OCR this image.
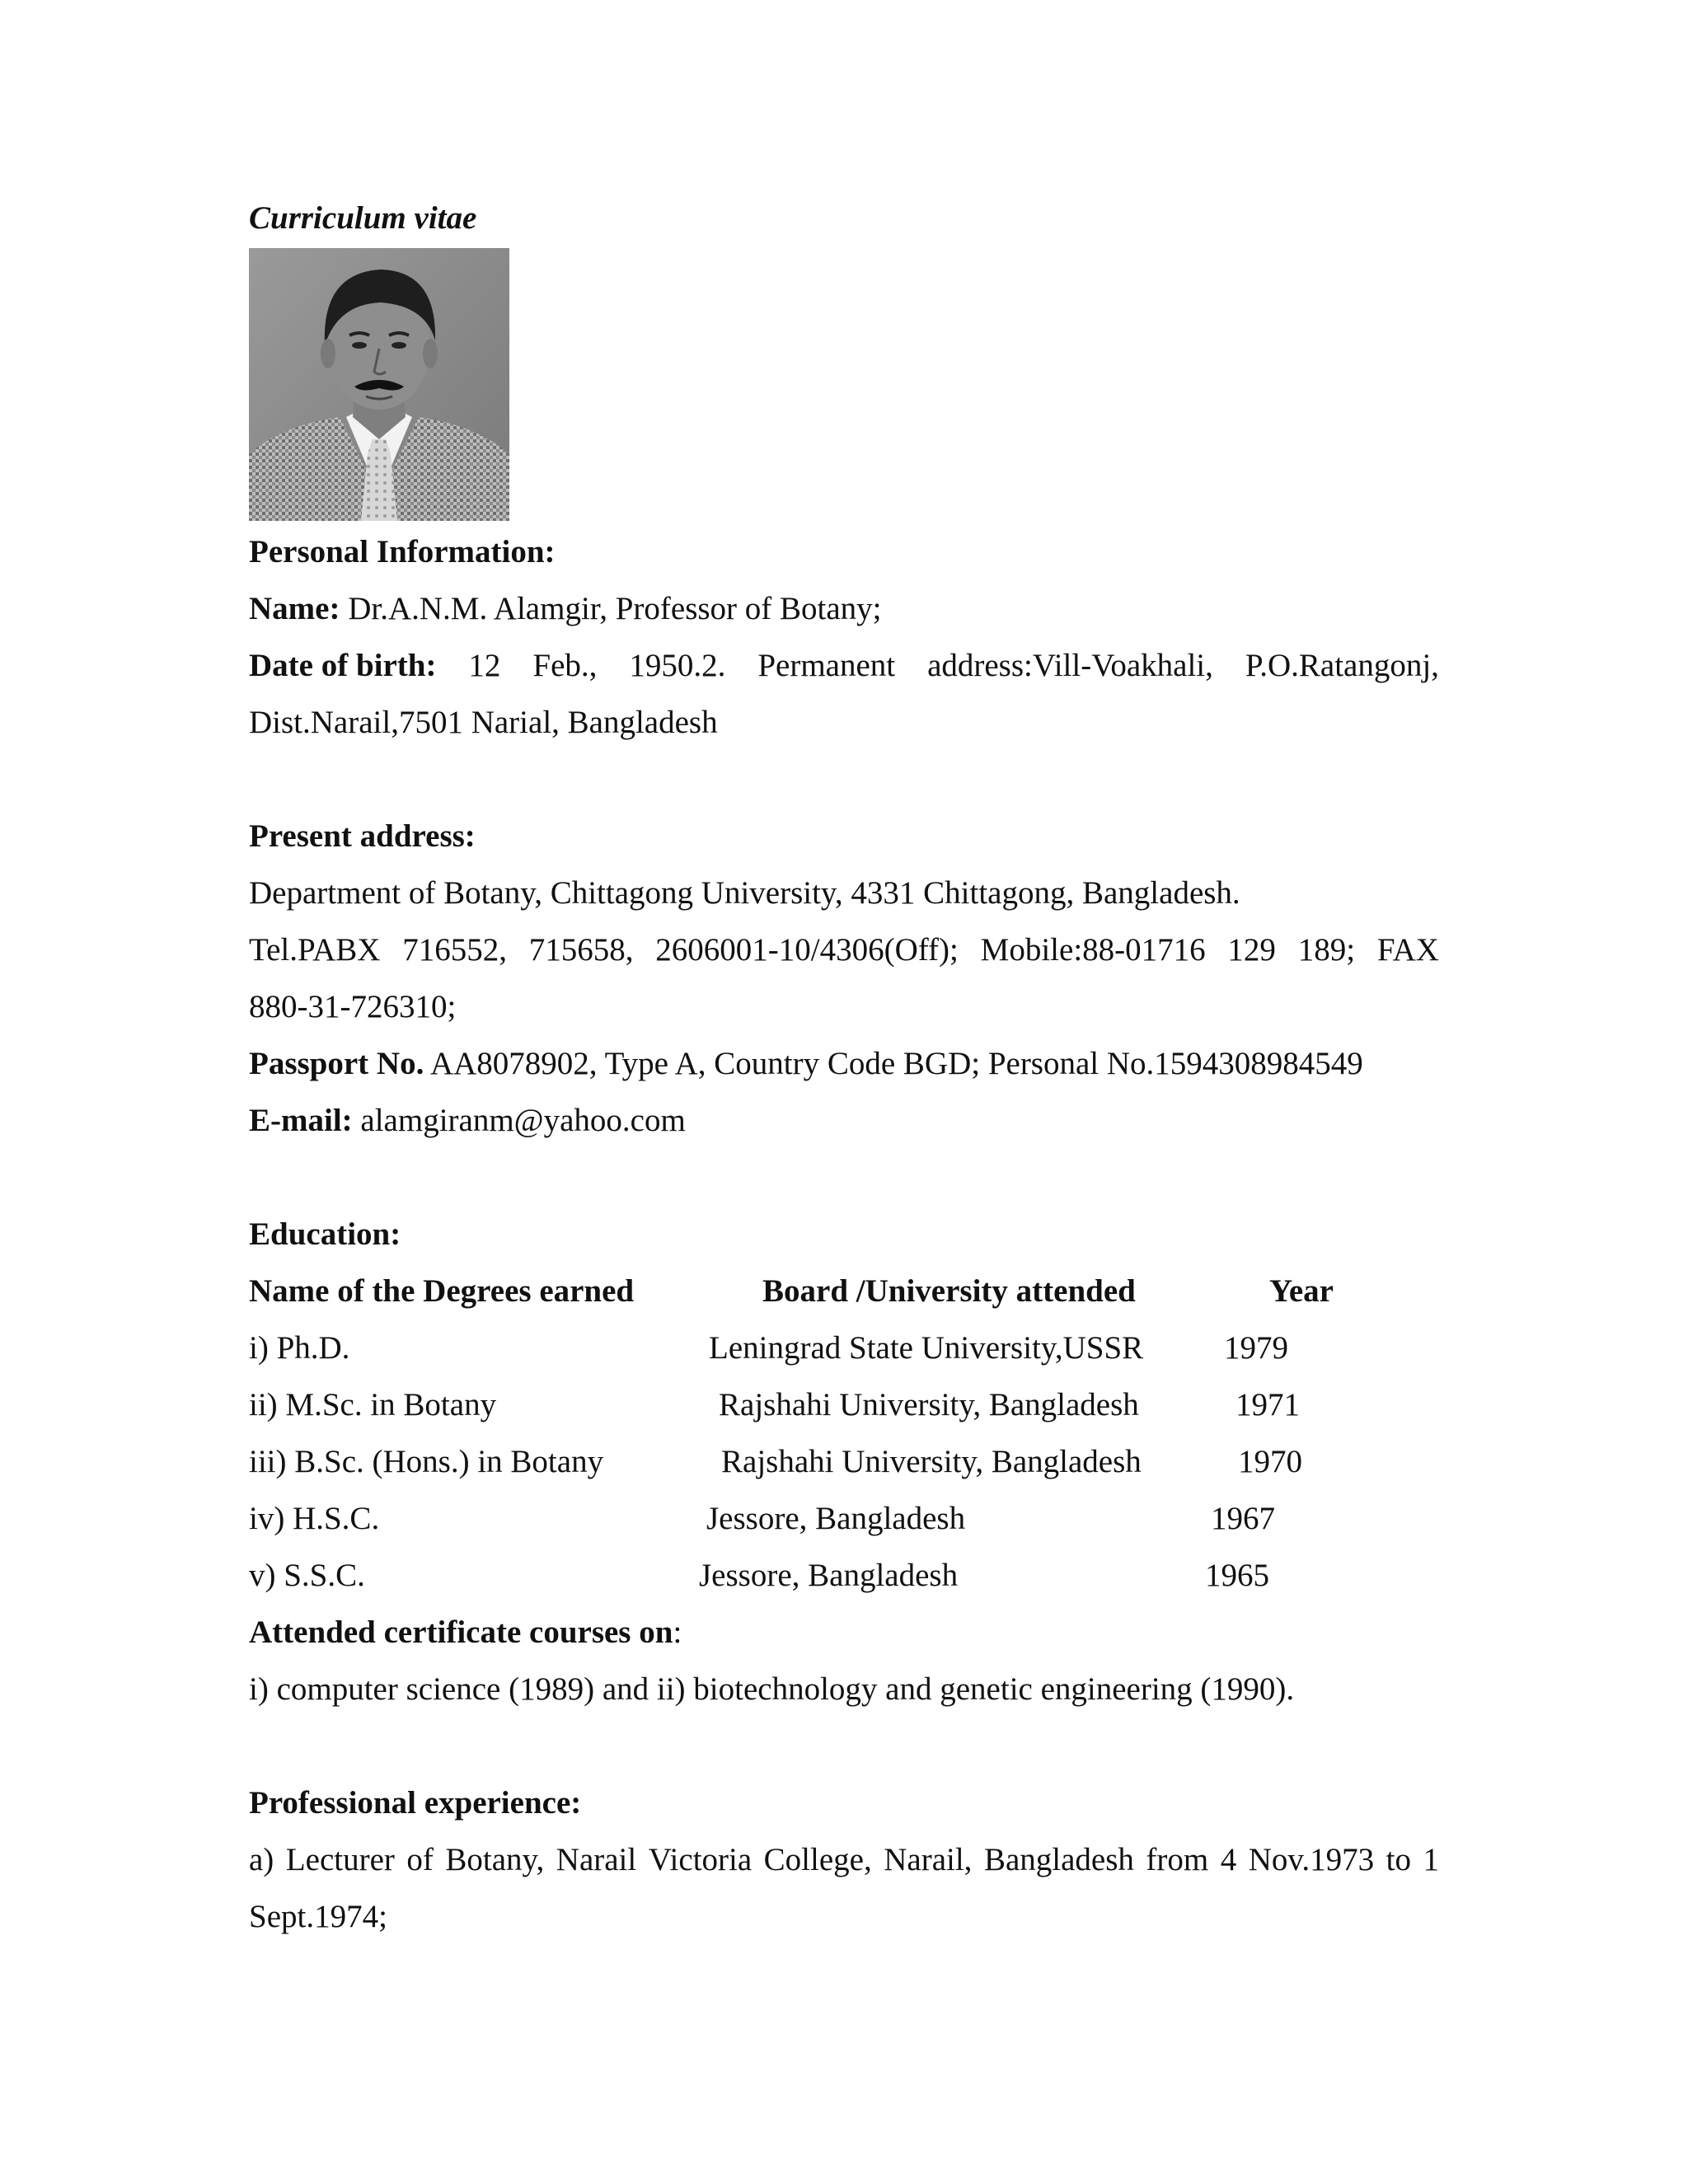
Curriculum vitae

Personal Information:

Name: Dr.A.N.M. Alamgir, Professor of Botany;

Date of birth: 12 Feb., 1950.2. Permanent address:Vill-Voakhali, P.O.Ratangonj,

Dist.Narail,7501 Narial, Bangladesh

Present address:

Department of Botany, Chittagong University, 4331 Chittagong, Bangladesh.

Tel.PABX 716552, 715658, 2606001-10/4306(Off); Mobile:88-01716 129 189; FAX

880-31-726310;

Passport No. AA8078902, Type A, Country Code BGD; Personal No.1594308984549

E-mail: alamgiranm@yahoo.com

Education:

Name of the Degrees earned	Board /University attended	Year
i) Ph.D.	Leningrad State University,USSR	1979
ii) M.Sc. in Botany	Rajshahi University, Bangladesh	1971
iii) B.Sc. (Hons.) in Botany	Rajshahi University, Bangladesh	1970
iv) H.S.C.	Jessore, Bangladesh	1967
v) S.S.C.	Jessore, Bangladesh	1965

Attended certificate courses on:

i) computer science (1989) and ii) biotechnology and genetic engineering (1990).

Professional experience:

a) Lecturer of Botany, Narail Victoria College, Narail, Bangladesh from 4 Nov.1973 to 1

Sept.1974;
